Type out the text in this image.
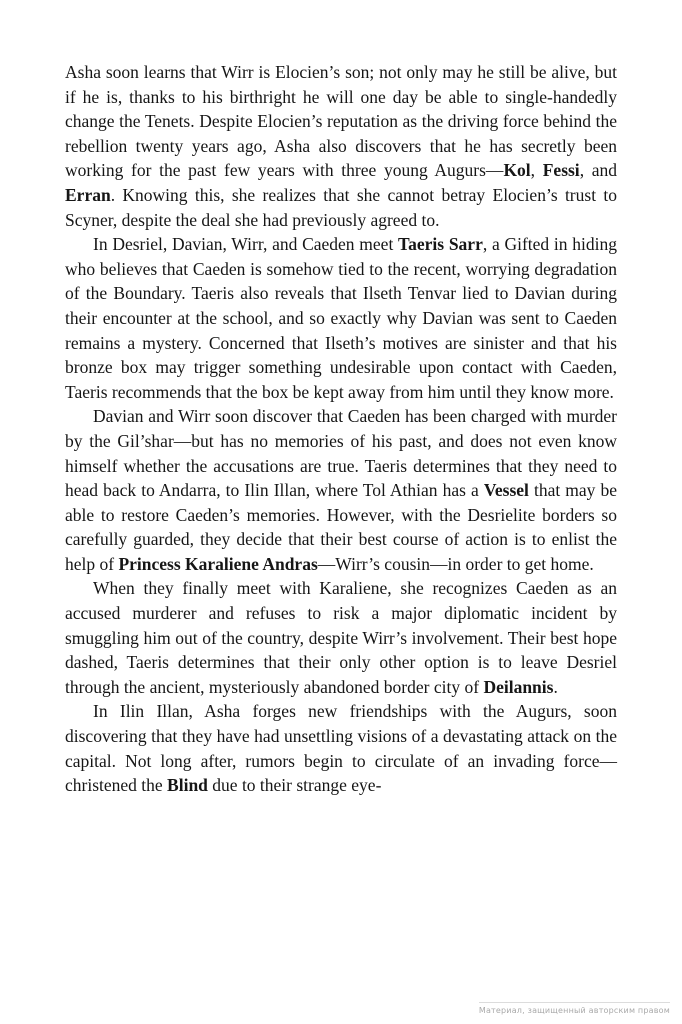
Asha soon learns that Wirr is Elocien’s son; not only may he still be alive, but if he is, thanks to his birthright he will one day be able to single-handedly change the Tenets. Despite Elocien’s reputation as the driving force behind the rebellion twenty years ago, Asha also discovers that he has secretly been working for the past few years with three young Augurs—Kol, Fessi, and Erran. Knowing this, she realizes that she cannot betray Elocien’s trust to Scyner, despite the deal she had previously agreed to.

In Desriel, Davian, Wirr, and Caeden meet Taeris Sarr, a Gifted in hiding who believes that Caeden is somehow tied to the recent, worrying degradation of the Boundary. Taeris also reveals that Ilseth Tenvar lied to Davian during their encounter at the school, and so exactly why Davian was sent to Caeden remains a mystery. Concerned that Ilseth’s motives are sinister and that his bronze box may trigger something undesirable upon contact with Caeden, Taeris recommends that the box be kept away from him until they know more.

Davian and Wirr soon discover that Caeden has been charged with murder by the Gil’shar—but has no memories of his past, and does not even know himself whether the accusations are true. Taeris determines that they need to head back to Andarra, to Ilin Illan, where Tol Athian has a Vessel that may be able to restore Caeden’s memories. However, with the Desrielite borders so carefully guarded, they decide that their best course of action is to enlist the help of Princess Karaliene Andras—Wirr’s cousin—in order to get home.

When they finally meet with Karaliene, she recognizes Caeden as an accused murderer and refuses to risk a major diplomatic incident by smuggling him out of the country, despite Wirr’s involvement. Their best hope dashed, Taeris determines that their only other option is to leave Desriel through the ancient, mysteriously abandoned border city of Deilannis.

In Ilin Illan, Asha forges new friendships with the Augurs, soon discovering that they have had unsettling visions of a devastating attack on the capital. Not long after, rumors begin to circulate of an invading force—christened the Blind due to their strange eye-

Материал, защищенный авторским правом
